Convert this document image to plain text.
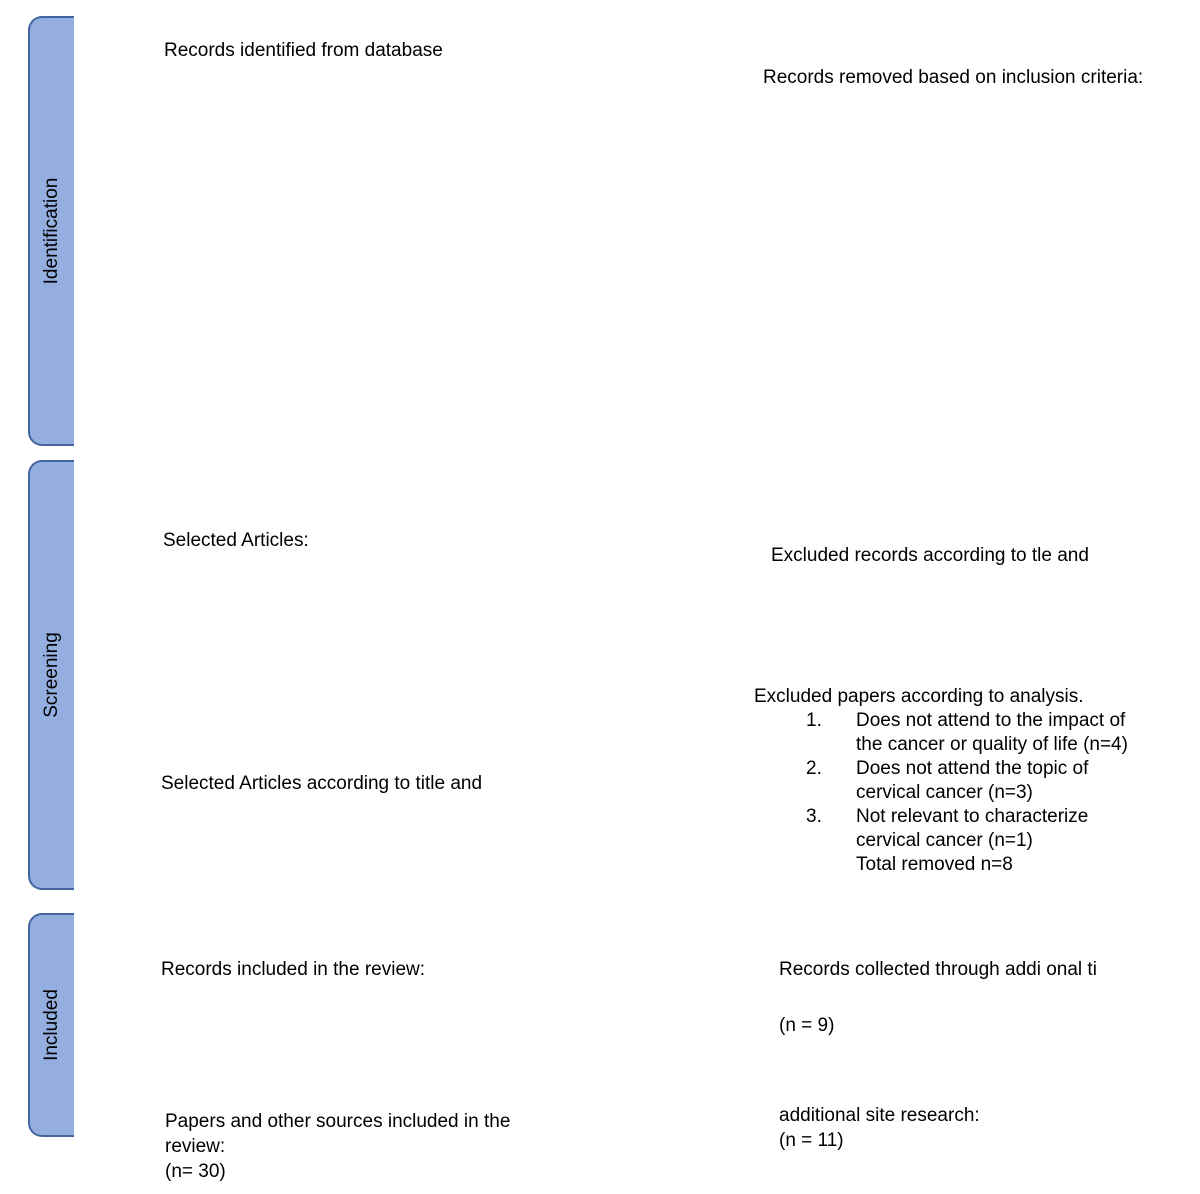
Identification
Screening
Included
Records identified from database
Selected Articles:
Selected Articles according to title and
Records included in the review:
Papers and other sources included in the
review:
(n= 30)
Records removed based on inclusion criteria:
Excluded records according to tle and
Excluded papers according to analysis.
1. Does not attend to the impact of
the cancer or quality of life (n=4)
2. Does not attend the topic of
cervical cancer (n=3)
3. Not relevant to characterize
cervical cancer (n=1)
Total removed n=8
Records collected through addi onal ti
(n = 9)
additional site research:
(n = 11)
